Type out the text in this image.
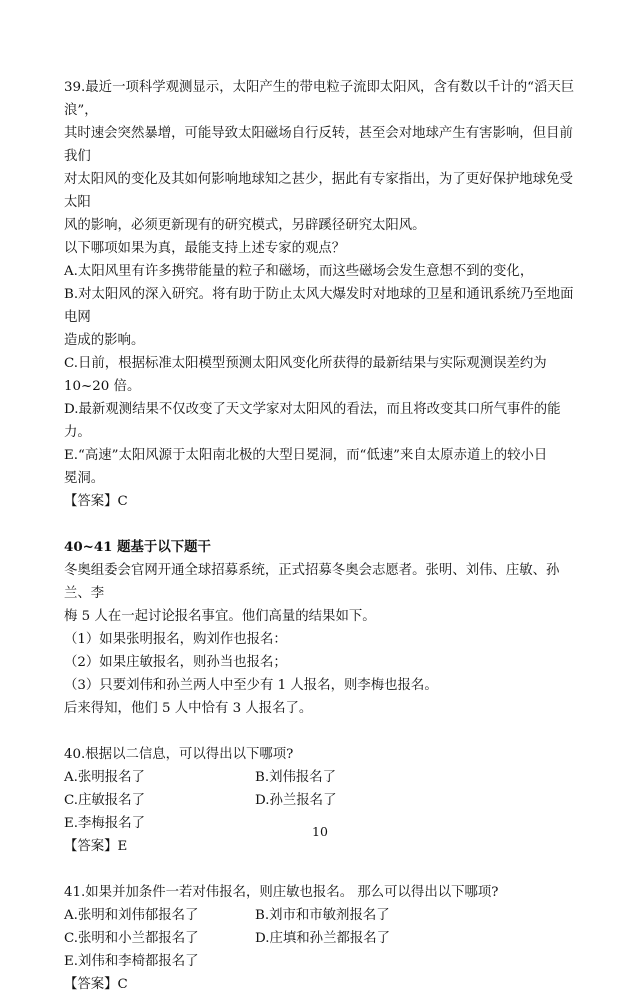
39.最近一项科学观测显示，太阳产生的带电粒子流即太阳风，含有数以千计的“滔天巨浪”，

其时速会突然暴增，可能导致太阳磁场自行反转，甚至会对地球产生有害影响，但目前我们

对太阳风的变化及其如何影响地球知之甚少，据此有专家指出，为了更好保护地球免受太阳

风的影响，必须更新现有的研究模式，另辟蹊径研究太阳风。

以下哪项如果为真，最能支持上述专家的观点？

A.太阳风里有许多携带能量的粒子和磁场，而这些磁场会发生意想不到的变化，

B.对太阳风的深入研究。将有助于防止太风大爆发时对地球的卫星和通讯系统乃至地面电网

造成的影响。

C.日前，根据标准太阳模型预测太阳风变化所获得的最新结果与实际观测误差约为

10~20 倍。

D.最新观测结果不仅改变了天文学家对太阳风的看法，而且将改变其口所气事件的能力。

E.“高速”太阳风源于太阳南北极的大型日冕洞，而“低速”来自太原赤道上的较小日

冕洞。

【答案】C

40~41 题基于以下题干

冬奥组委会官网开通全球招募系统，正式招募冬奥会志愿者。张明、刘伟、庄敏、孙兰、李

梅 5 人在一起讨论报名事宜。他们高量的结果如下。

（1）如果张明报名，购刘作也报名：

（2）如果庄敏报名，则孙当也报名；

（3）只要刘伟和孙兰两人中至少有 1 人报名，则李梅也报名。

后来得知，他们 5 人中恰有 3 人报名了。

40.根据以二信息，可以得出以下哪项?

A.张明报名了	B.刘伟报名了
C.庄敏报名了	D.孙兰报名了

E.李梅报名了

【答案】E

41.如果并加条件一若对伟报名，则庄敏也报名。 那么可以得出以下哪项?

A.张明和刘伟郁报名了	B.刘市和市敏剂报名了
C.张明和小兰都报名了	D.庄填和孙兰都报名了

E.刘伟和李椅都报名了

【答案】C

10
